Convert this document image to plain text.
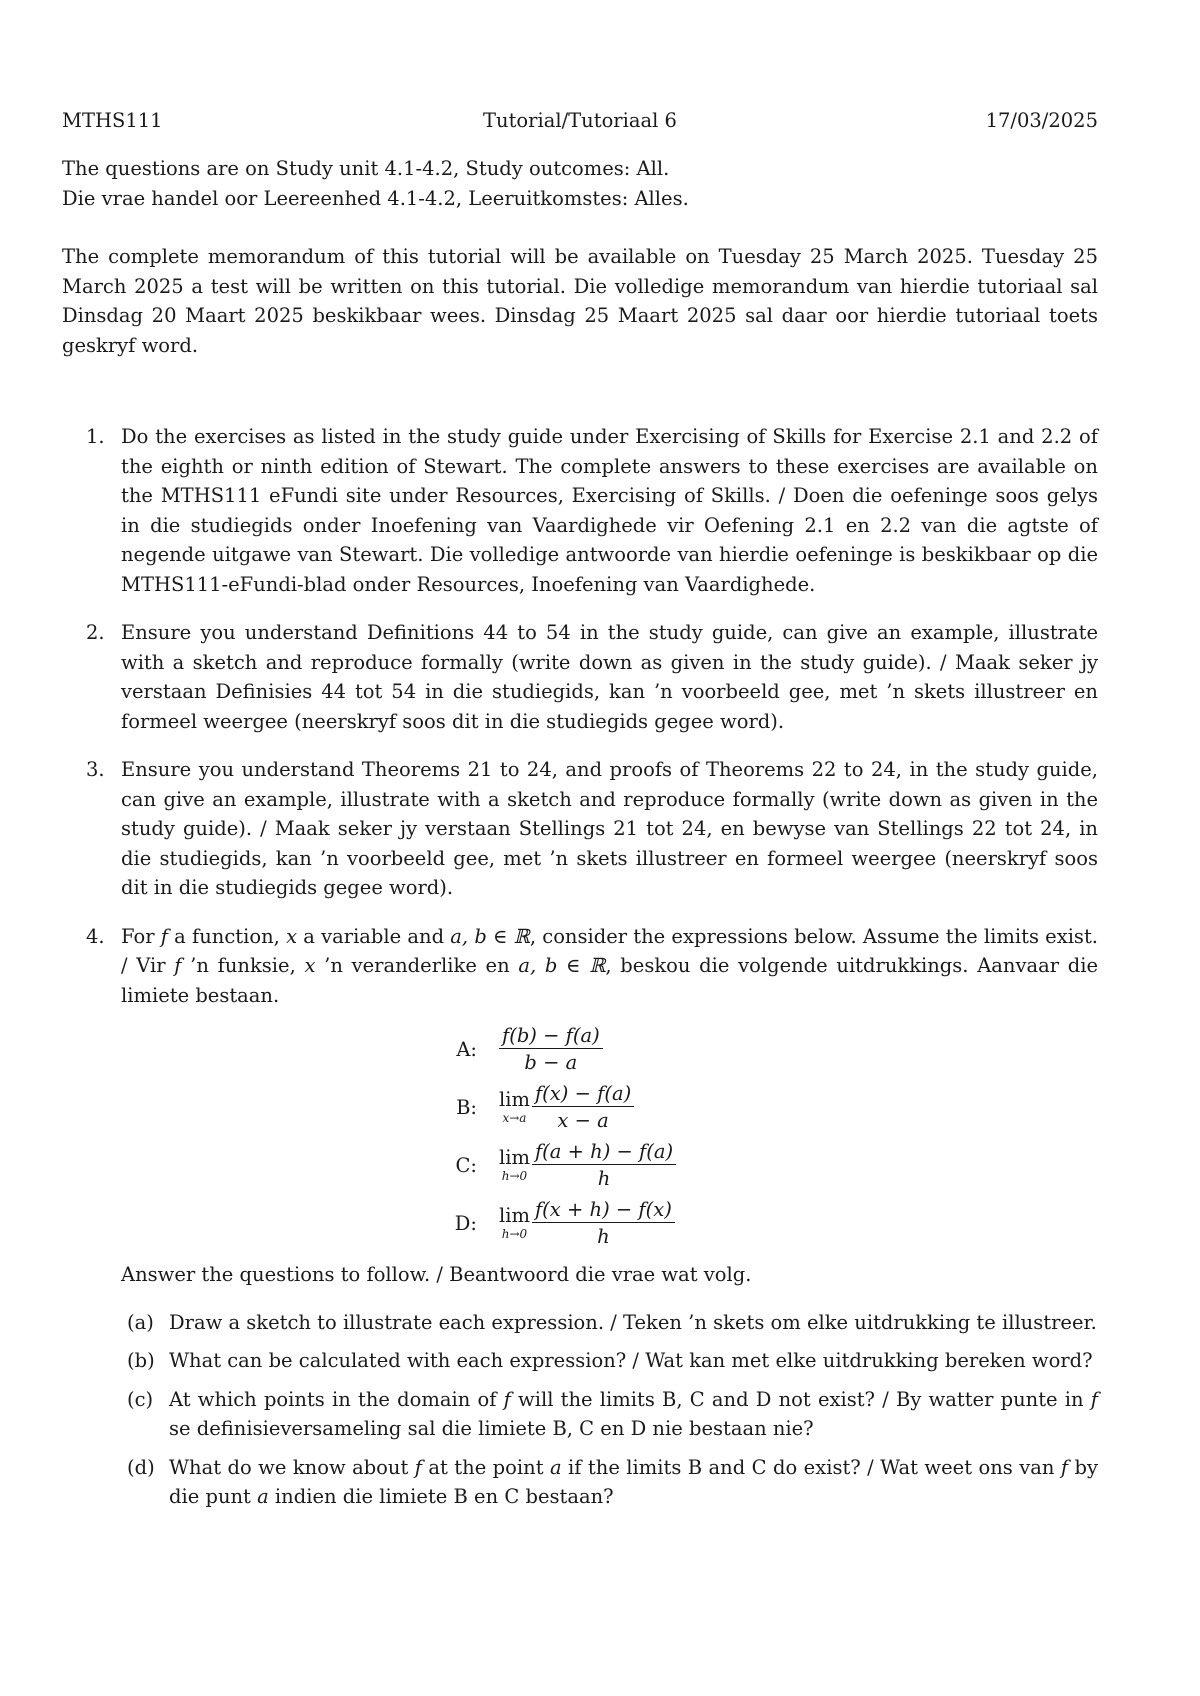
MTHS111	Tutorial/Tutoriaal 6	17/03/2025

The questions are on Study unit 4.1-4.2, Study outcomes: All.

Die vrae handel oor Leereenhed 4.1-4.2, Leeruitkomstes: Alles.

The complete memorandum of this tutorial will be available on Tuesday 25 March 2025. Tuesday 25 March 2025 a test will be written on this tutorial. Die volledige memorandum van hierdie tutoriaal sal Dinsdag 20 Maart 2025 beskikbaar wees. Dinsdag 25 Maart 2025 sal daar oor hierdie tutoriaal toets geskryf word.

1. Do the exercises as listed in the study guide under Exercising of Skills for Exercise 2.1 and 2.2 of the eighth or ninth edition of Stewart. The complete answers to these exercises are available on the MTHS111 eFundi site under Resources, Exercising of Skills. / Doen die oefeninge soos gelys in die studiegids onder Inoefening van Vaardighede vir Oefening 2.1 en 2.2 van die agtste of negende uitgawe van Stewart. Die volledige antwoorde van hierdie oefeninge is beskikbaar op die MTHS111-eFundi-blad onder Resources, Inoefening van Vaardighede.

2. Ensure you understand Definitions 44 to 54 in the study guide, can give an example, illustrate with a sketch and reproduce formally (write down as given in the study guide). / Maak seker jy verstaan Definisies 44 tot 54 in die studiegids, kan ’n voorbeeld gee, met ’n skets illustreer en formeel weergee (neerskryf soos dit in die studiegids gegee word).

3. Ensure you understand Theorems 21 to 24, and proofs of Theorems 22 to 24, in the study guide, can give an example, illustrate with a sketch and reproduce formally (write down as given in the study guide). / Maak seker jy verstaan Stellings 21 tot 24, en bewyse van Stellings 22 tot 24, in die studiegids, kan ’n voorbeeld gee, met ’n skets illustreer en formeel weergee (neerskryf soos dit in die studiegids gegee word).

4. For f a function, x a variable and a, b ∈ ℝ, consider the expressions below. Assume the limits exist. / Vir f ’n funksie, x ’n veranderlike en a, b ∈ ℝ, beskou die volgende uitdrukkings. Aanvaar die limiete bestaan.

A:	$\frac{f(b) - f(a)}{b - a}$
B:	lim
$x\to a \frac{f(x) - f(a)}{x - a}$
C:	lim
$h\to 0 \frac{f(a + h) - f(a)}{h}$
D:	lim
$h\to 0 \frac{f(x + h) - f(x)}{h}$

Answer the questions to follow. / Beantwoord die vrae wat volg.

(a) Draw a sketch to illustrate each expression. / Teken ’n skets om elke uitdrukking te illustreer.

(b) What can be calculated with each expression? / Wat kan met elke uitdrukking bereken word?

(c) At which points in the domain of f will the limits B, C and D not exist? / By watter punte in f se definisieversameling sal die limiete B, C en D nie bestaan nie?

(d) What do we know about f at the point a if the limits B and C do exist? / Wat weet ons van f by die punt a indien die limiete B en C bestaan?
